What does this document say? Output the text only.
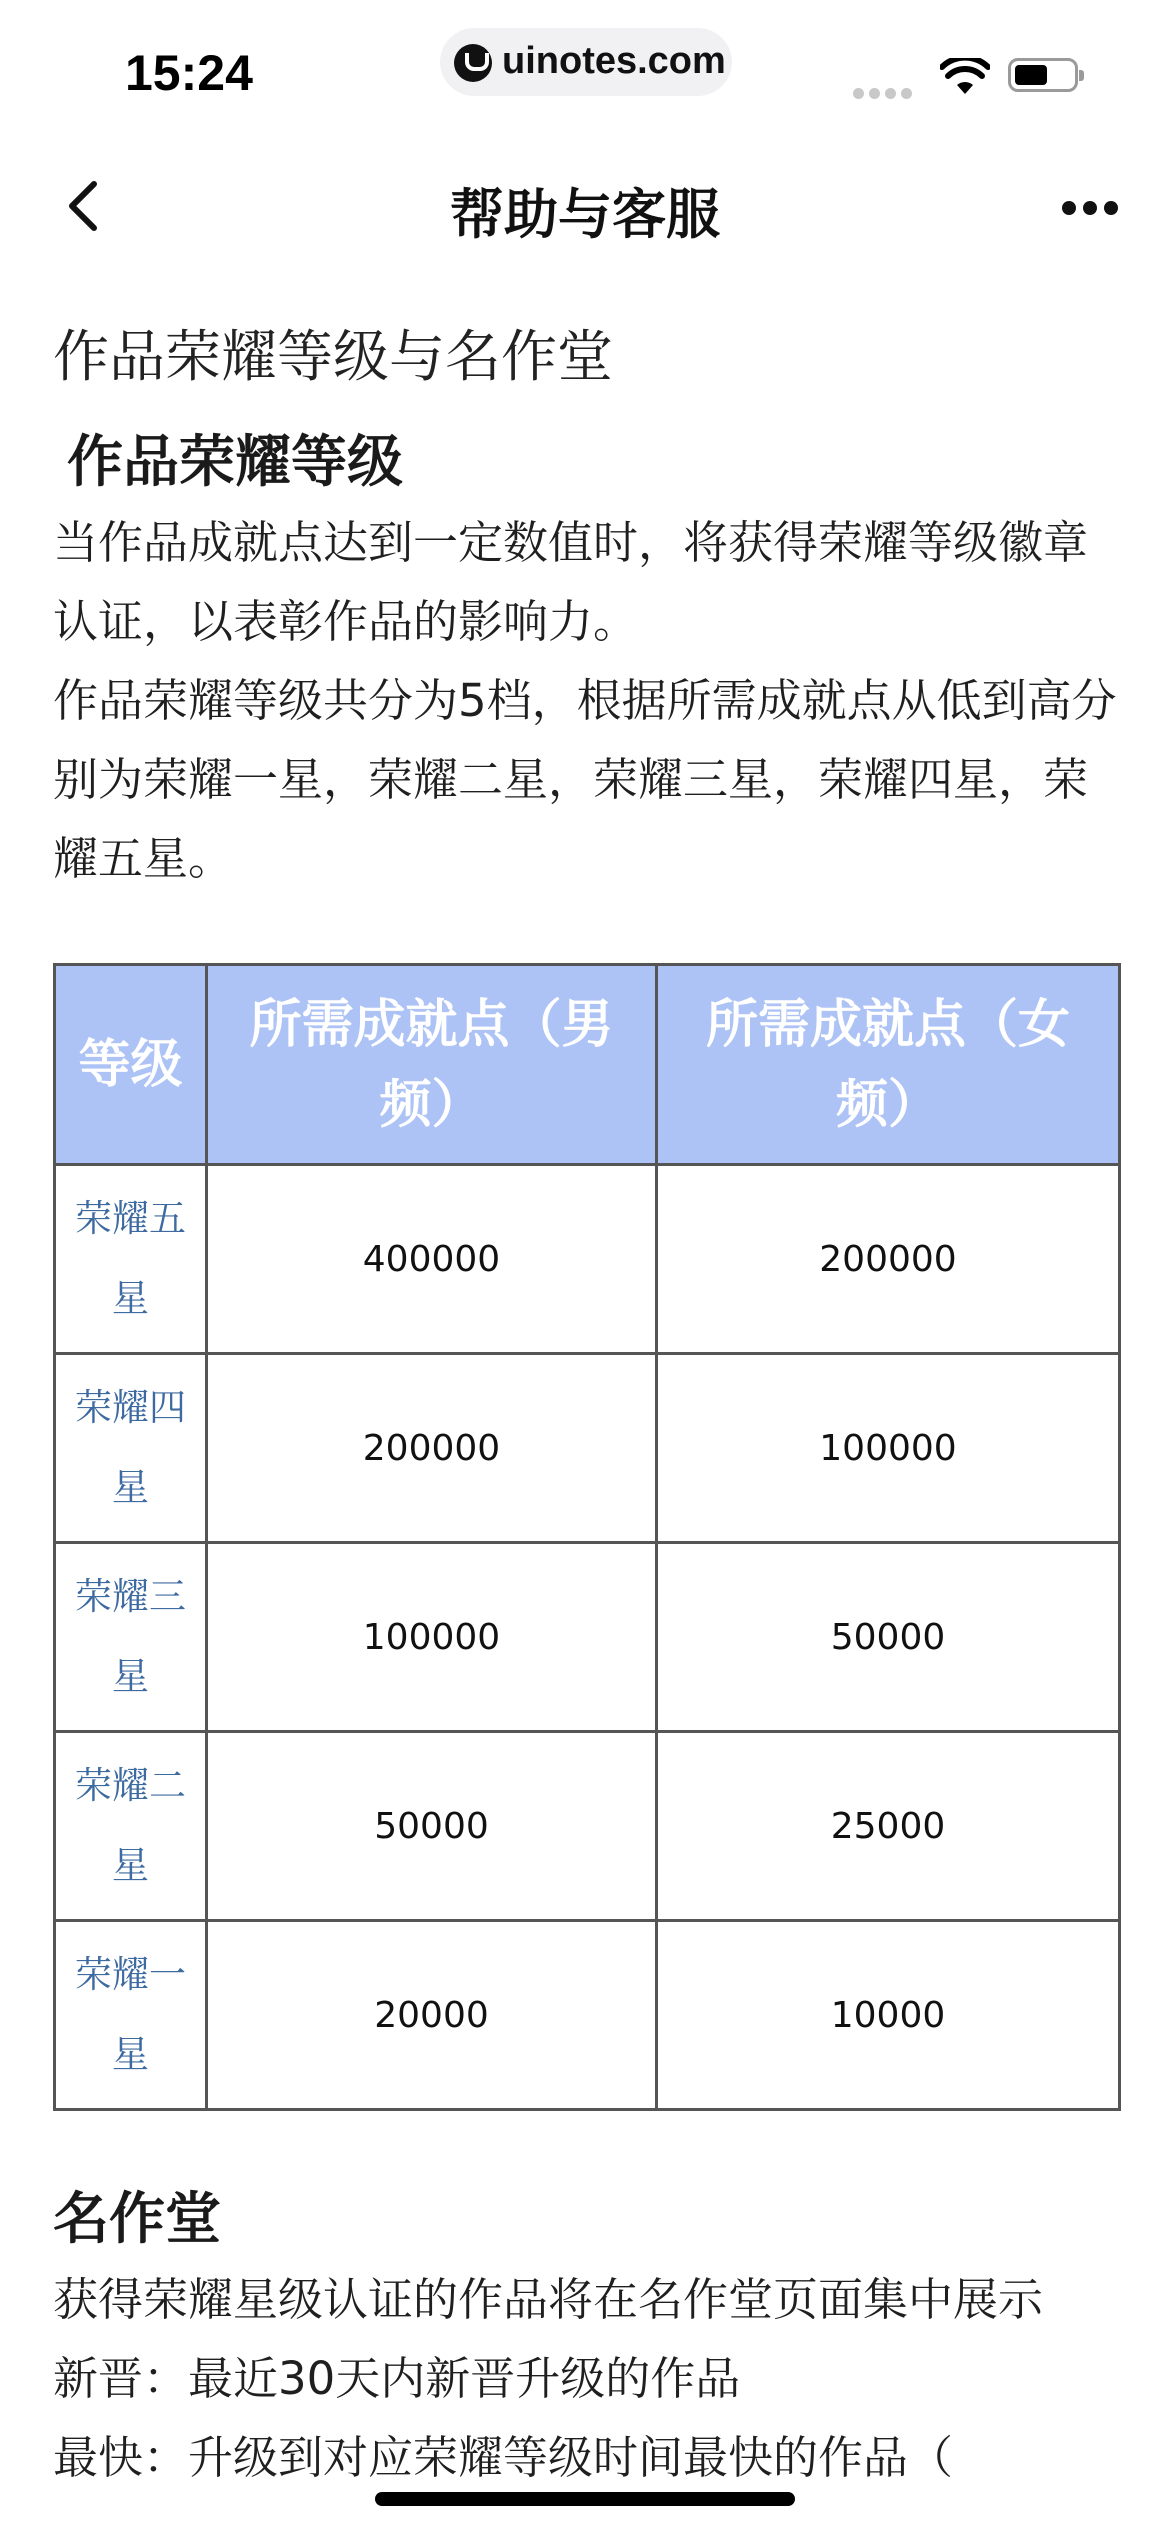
15:24	uinotes.com
帮助与客服
作品荣耀等级与名作堂
作品荣耀等级

当作品成就点达到一定数值时，将获得荣耀等级徽章认证，以表彰作品的影响力。

作品荣耀等级共分为5档，根据所需成就点从低到高分别为荣耀一星，荣耀二星，荣耀三星，荣耀四星，荣耀五星。

等级	所需成就点（男频）	所需成就点（女频）
荣耀五星	400000	200000
荣耀四星	200000	100000
荣耀三星	100000	50000
荣耀二星	50000	25000
荣耀一星	20000	10000
名作堂

获得荣耀星级认证的作品将在名作堂页面集中展示

新晋：最近30天内新晋升级的作品

最快：升级到对应荣耀等级时间最快的作品（
